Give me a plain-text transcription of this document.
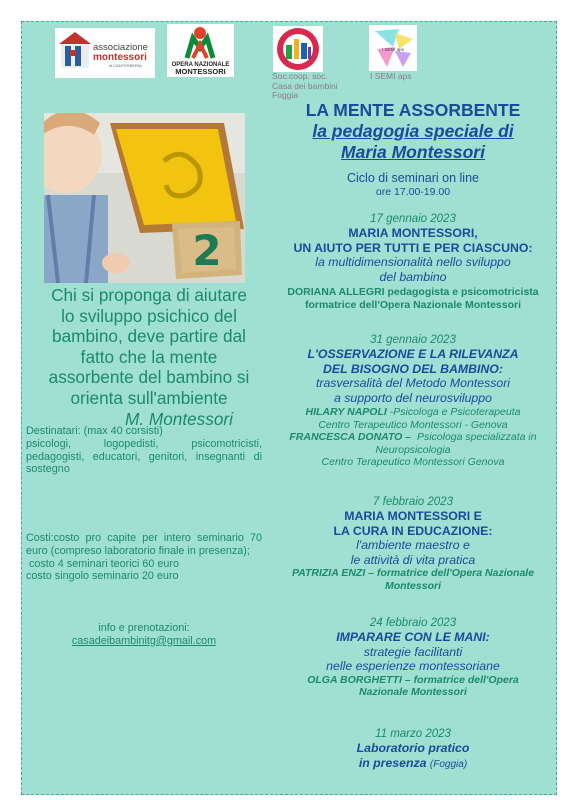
associazione
montessori
di CANTERBERIA	OPERA NAZIONALE
MONTESSORI
I SEMI aps
Soc.coop. soc.
Casa dei bambini
Foggia
I SEMI aps
2
Chi si proponga di aiutare
lo sviluppo psichico del
bambino, deve partire dal
fatto che la mente
assorbente del bambino si
orienta sull'ambiente
M. Montessori
Destinatari: (max 40 corsisti)
psicologi, logopedisti, psicomotricisti, pedagogisti, educatori, genitori, insegnanti di sostegno
Costi:costo pro capite per intero seminario 70 euro (compreso laboratorio finale in presenza);
costo 4 seminari teorici 60 euro
costo singolo seminario 20 euro
info e prenotazioni:
casadeibambinitg@gmail.com
LA MENTE ASSORBENTE
la pedagogia speciale di
Maria Montessori
Ciclo di seminari on line
ore 17.00-19.00
17 gennaio 2023
MARIA MONTESSORI,
UN AIUTO PER TUTTI E PER CIASCUNO:
la multidimensionalità nello sviluppo
del bambino
DORIANA ALLEGRI pedagogista e psicomotricista
formatrice dell'Opera Nazionale Montessori
31 gennaio 2023
L'OSSERVAZIONE E LA RILEVANZA
DEL BISOGNO DEL BAMBINO:
trasversalità del Metodo Montessori
a supporto del neurosviluppo
HILARY NAPOLI -Psicologa e Psicoterapeuta
Centro Terapeutico Montessori - Genova
FRANCESCA DONATO –  Psicologa specializzata in
Neuropsicologia
Centro Terapeutico Montessori Genova
7 febbraio 2023
MARIA MONTESSORI E
LA CURA IN EDUCAZIONE:
l'ambiente maestro e
le attività di vita pratica
PATRIZIA ENZI – formatrice dell'Opera Nazionale
Montessori
24 febbraio 2023
IMPARARE CON LE MANI:
strategie facilitanti
nelle esperienze montessoriane
OLGA BORGHETTI – formatrice dell'Opera
Nazionale Montessori
11 marzo 2023
Laboratorio pratico
in presenza (Foggia)
